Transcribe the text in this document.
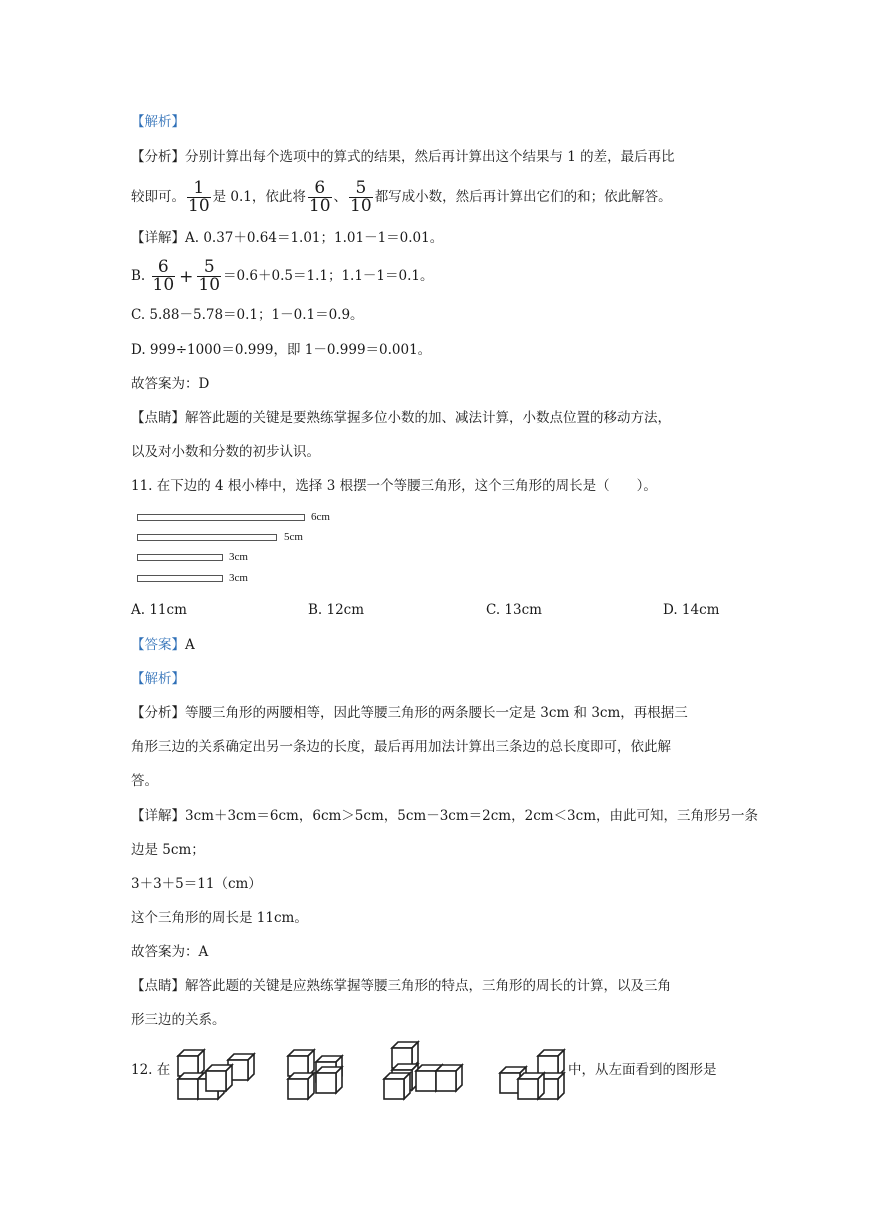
【解析】
【分析】分别计算出每个选项中的算式的结果，然后再计算出这个结果与 1 的差，最后再比
较即可。 $\frac{1}{10}$ 是 0.1，依此将 $\frac{6}{10}$ 、 $\frac{5}{10}$ 都写成小数，然后再计算出它们的和；依此解答。
【详解】A. 0.37＋0.64＝1.01；1.01－1＝0.01。
B. $\frac{6}{10} + \frac{5}{10} =0.6+0.5=1.1$；1.1－1＝0.1。
C. 5.88－5.78＝0.1；1－0.1＝0.9。
D. 999÷1000＝0.999，即 1－0.999＝0.001。
故答案为：D
【点睛】解答此题的关键是要熟练掌握多位小数的加、减法计算，小数点位置的移动方法，
以及对小数和分数的初步认识。
11. 在下边的 4 根小棒中，选择 3 根摆一个等腰三角形，这个三角形的周长是（　　）。
6cm
5cm
3cm
3cm
A. 11cm	B. 12cm	C. 13cm	D. 14cm
【答案】A
【解析】
【分析】等腰三角形的两腰相等，因此等腰三角形的两条腰长一定是 3cm 和 3cm，再根据三
角形三边的关系确定出另一条边的长度，最后再用加法计算出三条边的总长度即可，依此解
答。
【详解】3cm＋3cm＝6cm，6cm＞5cm，5cm－3cm＝2cm，2cm＜3cm，由此可知，三角形另一条
边是 5cm；
3＋3＋5＝11（cm）
这个三角形的周长是 11cm。
故答案为：A
【点睛】解答此题的关键是应熟练掌握等腰三角形的特点，三角形的周长的计算，以及三角
形三边的关系。
12. 在	中，从左面看到的图形是
